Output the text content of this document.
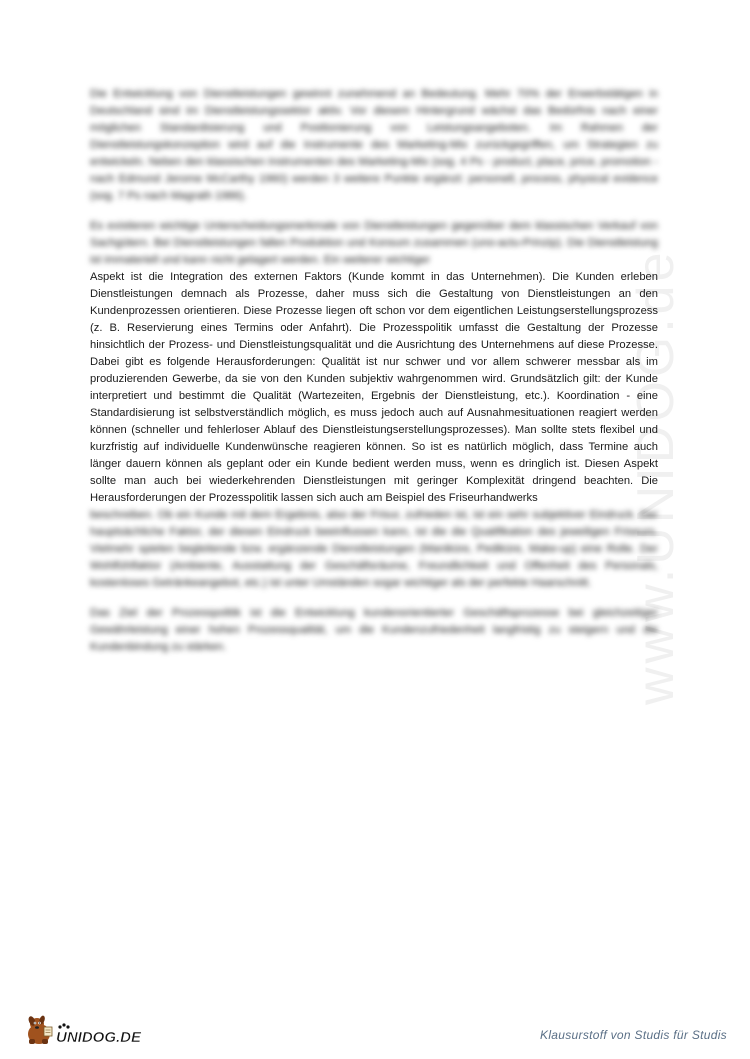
www.UNIDOG.de

Die Entwicklung von Dienstleistungen gewinnt zunehmend an Bedeutung. Mehr 70% der Erwerbstätigen in Deutschland sind im Dienstleistungssektor aktiv. Vor diesem Hintergrund wächst das Bedürfnis nach einer möglichen Standardisierung und Positionierung von Leistungsangeboten. Im Rahmen der Dienstleistungskonzeption wird auf die Instrumente des Marketing-Mix zurückgegriffen, um Strategien zu entwickeln. Neben den klassischen Instrumenten des Marketing-Mix (sog. 4 Ps - product, place, price, promotion - nach Edmund Jerome McCarthy 1960) werden 3 weitere Punkte ergänzt: personell, process, physical evidence (sog. 7 Ps nach Magrath 1986).

Es existieren wichtige Unterscheidungsmerkmale von Dienstleistungen gegenüber dem klassischen Verkauf von Sachgütern. Bei Dienstleistungen fallen Produktion und Konsum zusammen (uno-actu-Prinzip). Die Dienstleistung ist immateriell und kann nicht gelagert werden. Ein weiterer wichtiger
Aspekt ist die Integration des externen Faktors (Kunde kommt in das Unternehmen). Die Kunden erleben Dienstleistungen demnach als Prozesse, daher muss sich die Gestaltung von Dienstleistungen an den Kundenprozessen orientieren. Diese Prozesse liegen oft schon vor dem eigentlichen Leistungserstellungsprozess (z. B. Reservierung eines Termins oder Anfahrt). Die Prozesspolitik umfasst die Gestaltung der Prozesse hinsichtlich der Prozess- und Dienstleistungsqualität und die Ausrichtung des Unternehmens auf diese Prozesse. Dabei gibt es folgende Herausforderungen: Qualität ist nur schwer und vor allem schwerer messbar als im produzierenden Gewerbe, da sie von den Kunden subjektiv wahrgenommen wird. Grundsätzlich gilt: der Kunde interpretiert und bestimmt die Qualität (Wartezeiten, Ergebnis der Dienstleistung, etc.). Koordination - eine Standardisierung ist selbstverständlich möglich, es muss jedoch auch auf Ausnahmesituationen reagiert werden können (schneller und fehlerloser Ablauf des Dienstleistungserstellungsprozesses). Man sollte stets flexibel und kurzfristig auf individuelle Kundenwünsche reagieren können. So ist es natürlich möglich, dass Termine auch länger dauern können als geplant oder ein Kunde bedient werden muss, wenn es dringlich ist. Diesen Aspekt sollte man auch bei wiederkehrenden Dienstleistungen mit geringer Komplexität dringend beachten. Die Herausforderungen der Prozesspolitik lassen sich auch am Beispiel des Friseurhandwerks
beschreiben. Ob ein Kunde mit dem Ergebnis, also der Frisur, zufrieden ist, ist ein sehr subjektiver Eindruck. Der hauptsächliche Faktor, der diesen Eindruck beeinflussen kann, ist die die Qualifikation des jeweiligen Friseurs. Vielmehr spielen begleitende bzw. ergänzende Dienstleistungen (Maniküre, Pediküre, Make-up) eine Rolle. Der Wohlfühlfaktor (Ambiente, Ausstattung der Geschäftsräume, Freundlichkeit und Offenheit des Personals, kostenloses Getränkeangebot, etc.) ist unter Umständen sogar wichtiger als der perfekte Haarschnitt.

Das Ziel der Prozesspolitik ist die Entwicklung kundenorientierter Geschäftsprozesse bei gleichzeitiger Gewährleistung einer hohen Prozessqualität, um die Kundenzufriedenheit langfristig zu steigern und die Kundenbindung zu stärken.

UNIDOG.DE	Klausurstoff von Studis für Studis
